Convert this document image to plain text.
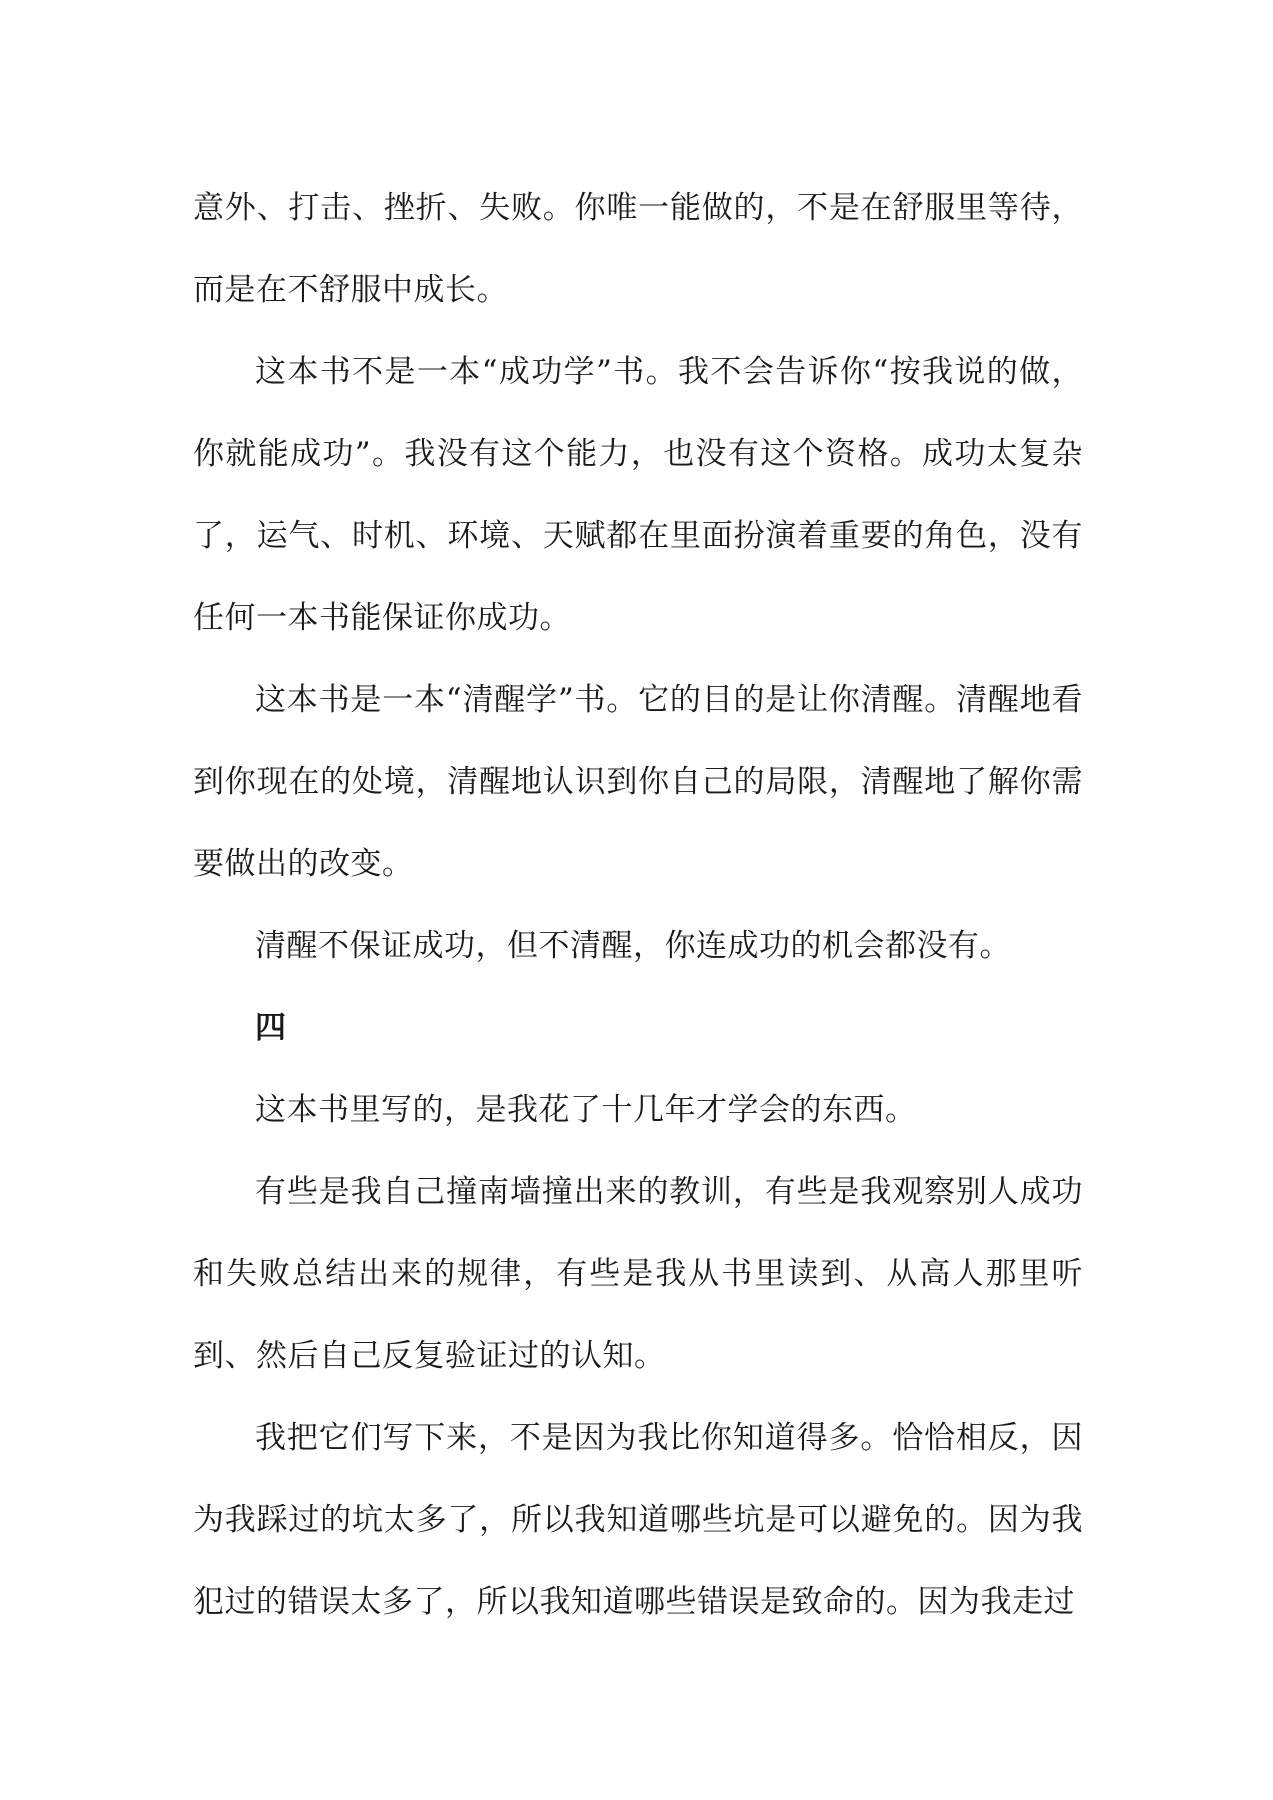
意外、打击、挫折、失败。你唯一能做的，不是在舒服里等待，而是在不舒服中成长。

这本书不是一本“成功学”书。我不会告诉你“按我说的做，你就能成功”。我没有这个能力，也没有这个资格。成功太复杂了，运气、时机、环境、天赋都在里面扮演着重要的角色，没有任何一本书能保证你成功。

这本书是一本“清醒学”书。它的目的是让你清醒。清醒地看到你现在的处境，清醒地认识到你自己的局限，清醒地了解你需要做出的改变。

清醒不保证成功，但不清醒，你连成功的机会都没有。

四

这本书里写的，是我花了十几年才学会的东西。

有些是我自己撞南墙撞出来的教训，有些是我观察别人成功和失败总结出来的规律，有些是我从书里读到、从高人那里听到、然后自己反复验证过的认知。

我把它们写下来，不是因为我比你知道得多。恰恰相反，因为我踩过的坑太多了，所以我知道哪些坑是可以避免的。因为我犯过的错误太多了，所以我知道哪些错误是致命的。因为我走过
